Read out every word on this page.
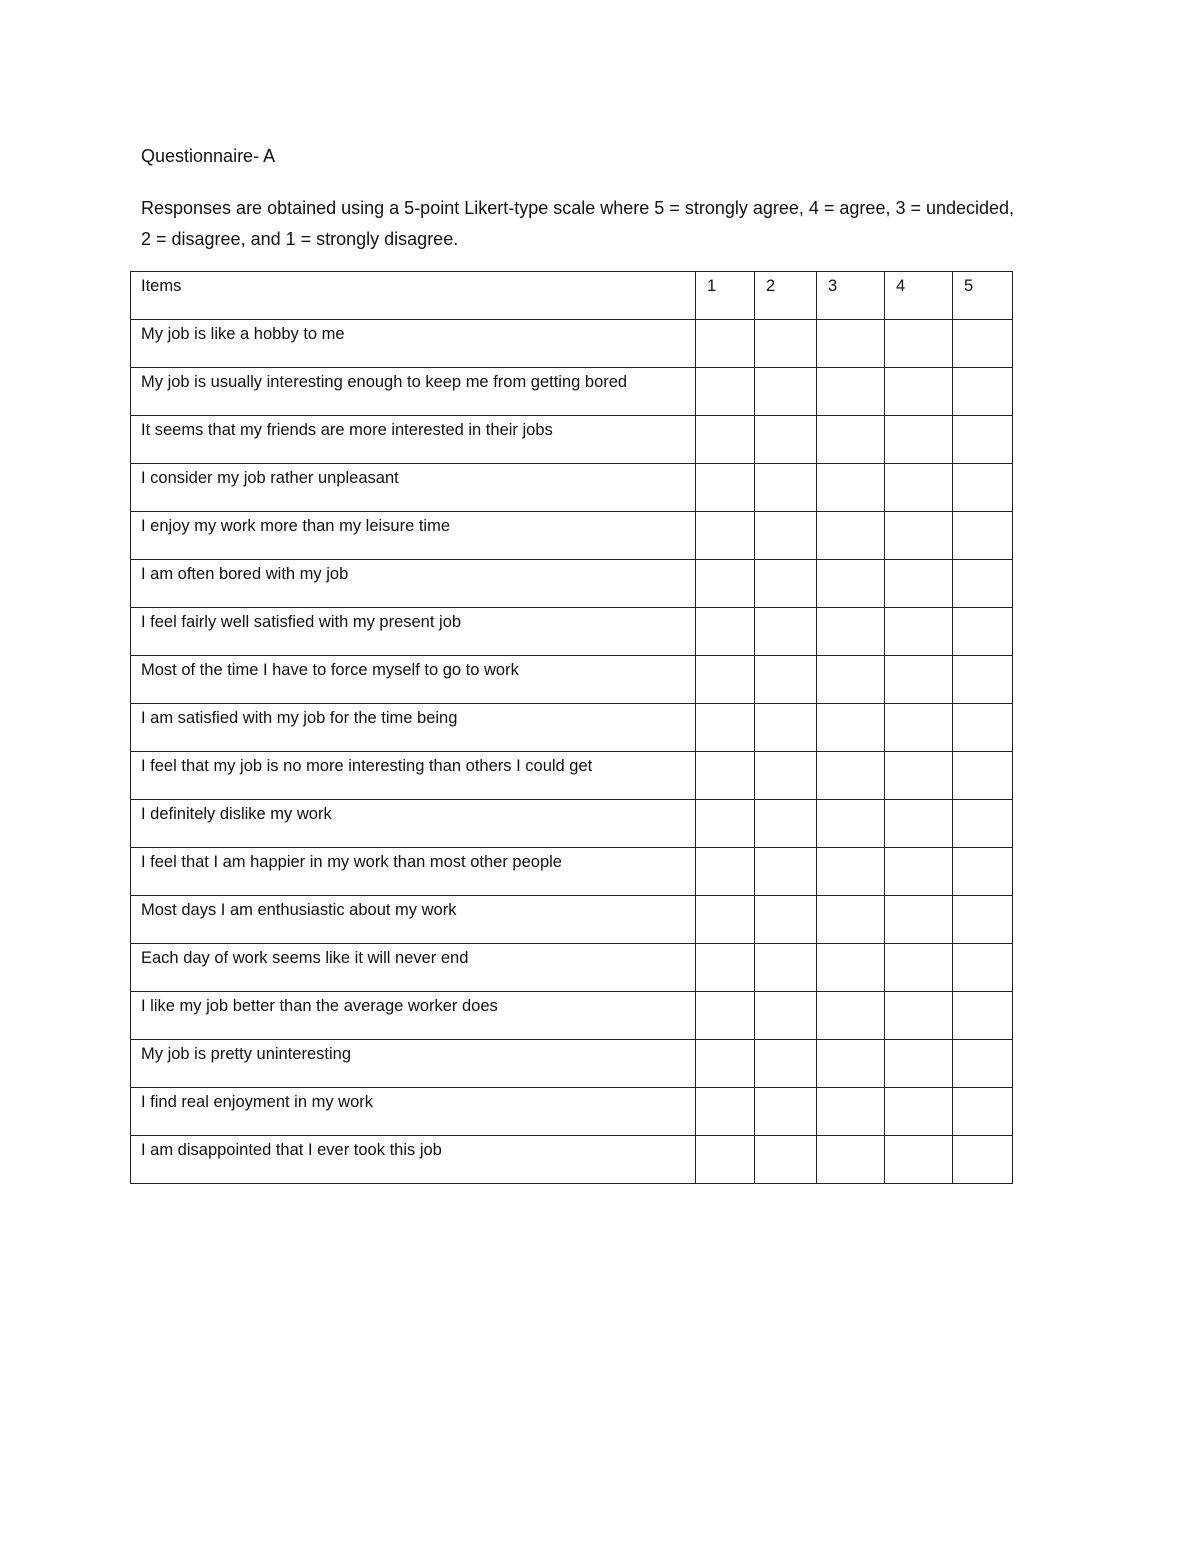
Questionnaire- A
Responses are obtained using a 5-point Likert-type scale where 5 = strongly agree, 4 = agree, 3 = undecided, 2 = disagree, and 1 = strongly disagree.
Items	1	2	3	4	5
My job is like a hobby to me					
My job is usually interesting enough to keep me from getting bored					
It seems that my friends are more interested in their jobs					
I consider my job rather unpleasant					
I enjoy my work more than my leisure time					
I am often bored with my job					
I feel fairly well satisfied with my present job					
Most of the time I have to force myself to go to work					
I am satisfied with my job for the time being					
I feel that my job is no more interesting than others I could get					
I definitely dislike my work					
I feel that I am happier in my work than most other people					
Most days I am enthusiastic about my work					
Each day of work seems like it will never end					
I like my job better than the average worker does					
My job is pretty uninteresting					
I find real enjoyment in my work					
I am disappointed that I ever took this job					
